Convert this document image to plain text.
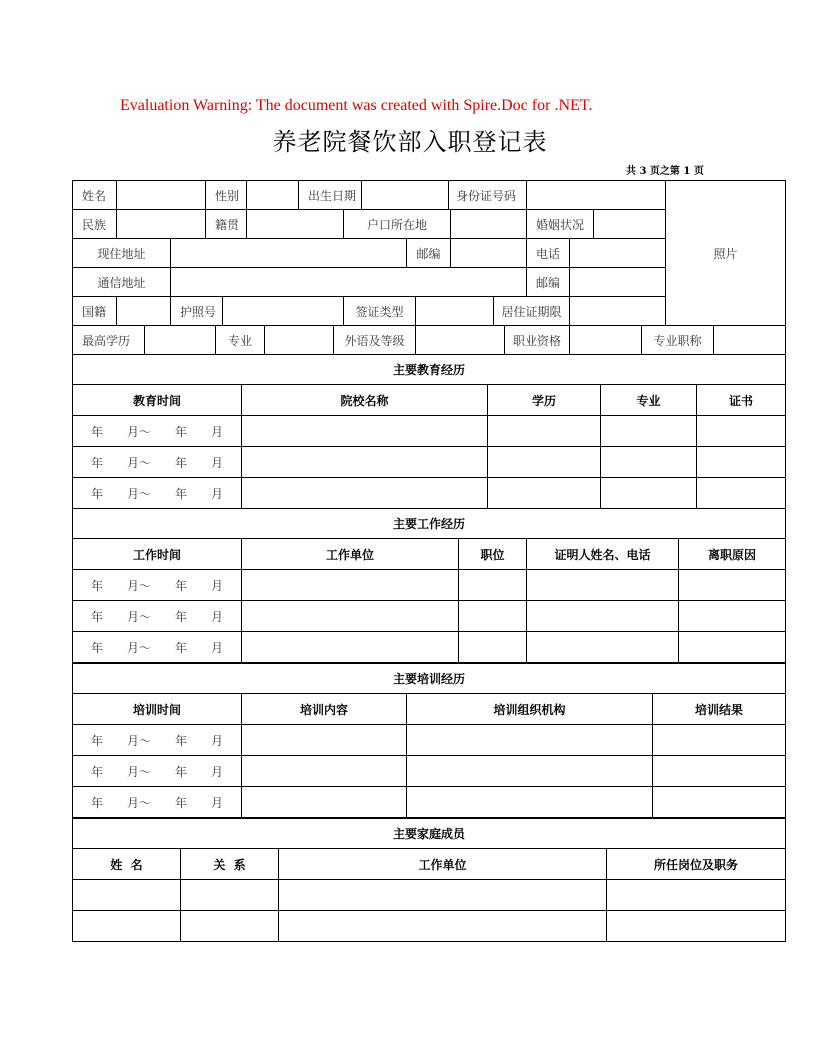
Evaluation Warning: The document was created with Spire.Doc for .NET.
养老院餐饮部入职登记表
共 3 页之第 1 页
姓名	性别	出生日期	身份证号码
民族	籍贯	户口所在地	婚姻状况
现住地址	邮编	电话
通信地址	邮编
国籍	护照号	签证类型	居住证期限
最高学历	专业	外语及等级	职业资格	专业职称
照片
主要教育经历
教育时间	院校名称	学历	专业	证书
年　　月～　　年　　月
年　　月～　　年　　月
年　　月～　　年　　月
主要工作经历
工作时间	工作单位	职位	证明人姓名、电话	离职原因
年　　月～　　年　　月
年　　月～　　年　　月
年　　月～　　年　　月
主要培训经历
培训时间	培训内容	培训组织机构	培训结果
年　　月～　　年　　月
年　　月～　　年　　月
年　　月～　　年　　月
主要家庭成员
姓  名	关  系	工作单位	所任岗位及职务
